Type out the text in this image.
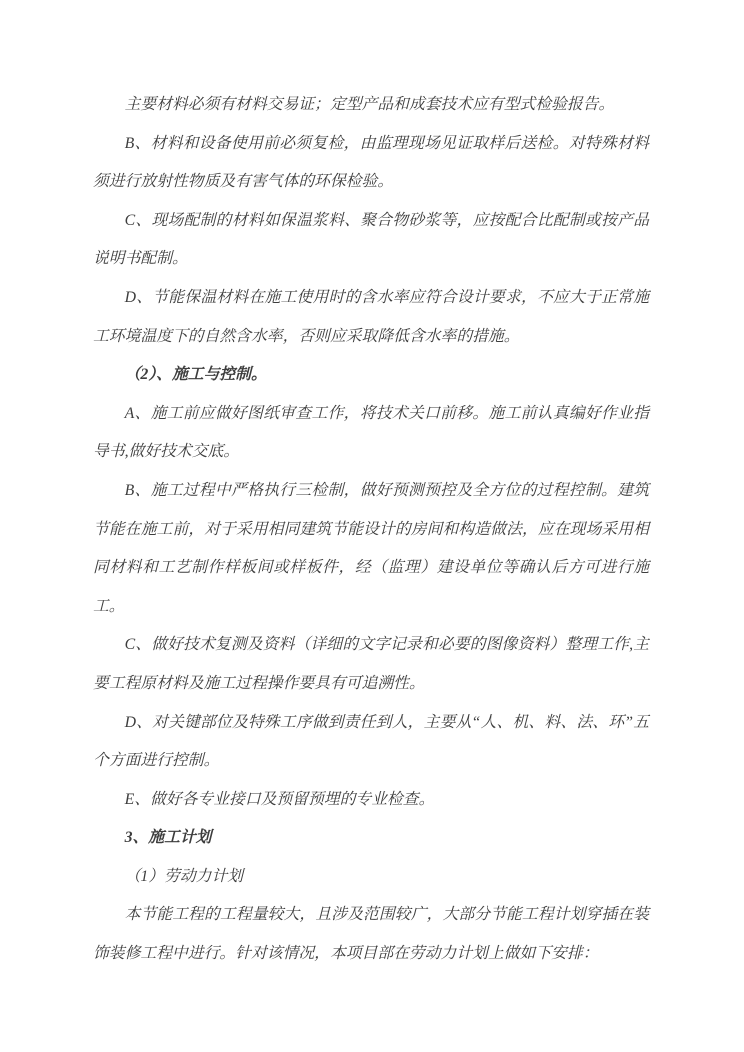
主要材料必须有材料交易证；定型产品和成套技术应有型式检验报告。

B、材料和设备使用前必须复检，由监理现场见证取样后送检。对特殊材料须进行放射性物质及有害气体的环保检验。

C、现场配制的材料如保温浆料、聚合物砂浆等，应按配合比配制或按产品说明书配制。

D、节能保温材料在施工使用时的含水率应符合设计要求，不应大于正常施工环境温度下的自然含水率，否则应采取降低含水率的措施。

（2）、施工与控制。

A、施工前应做好图纸审查工作，将技术关口前移。施工前认真编好作业指导书,做好技术交底。

B、施工过程中严格执行三检制，做好预测预控及全方位的过程控制。建筑节能在施工前，对于采用相同建筑节能设计的房间和构造做法，应在现场采用相同材料和工艺制作样板间或样板件，经（监理）建设单位等确认后方可进行施工。

C、做好技术复测及资料（详细的文字记录和必要的图像资料）整理工作,主要工程原材料及施工过程操作要具有可追溯性。

D、对关键部位及特殊工序做到责任到人，主要从“人、机、料、法、环”五个方面进行控制。

E、做好各专业接口及预留预埋的专业检查。

3、施工计划

（1）劳动力计划

本节能工程的工程量较大，且涉及范围较广，大部分节能工程计划穿插在装饰装修工程中进行。针对该情况，本项目部在劳动力计划上做如下安排：
